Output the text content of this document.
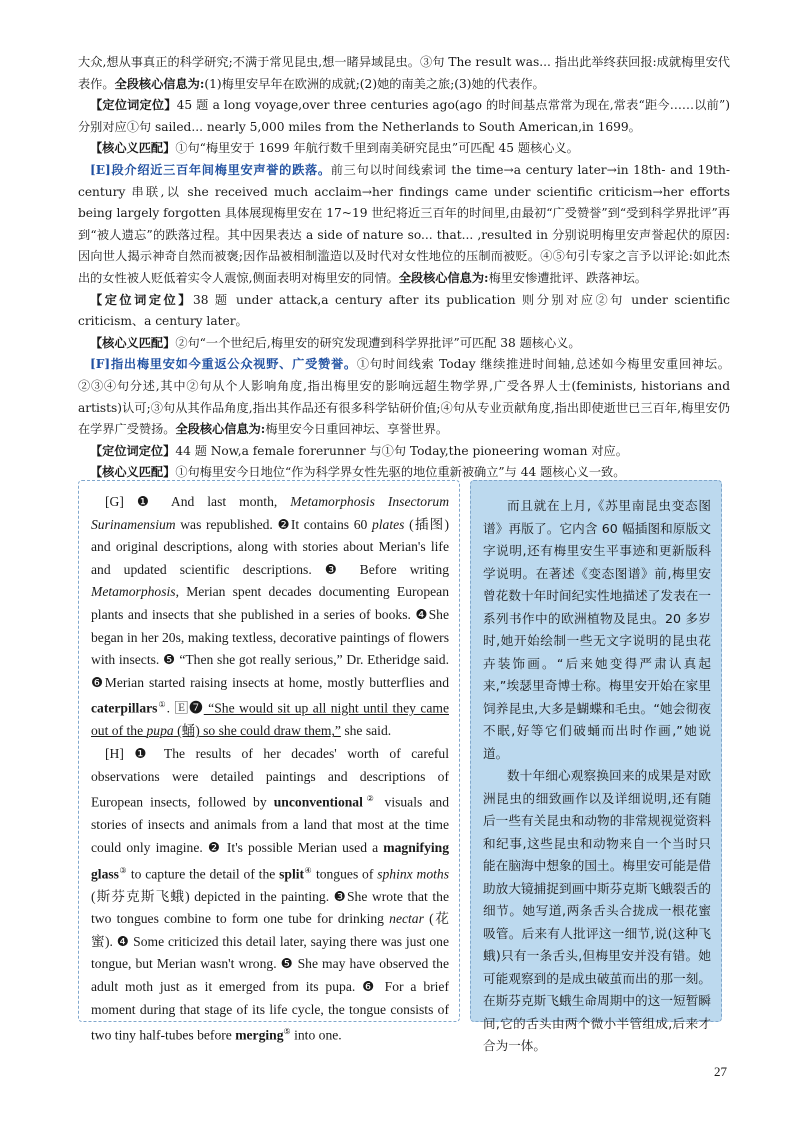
大众,想从事真正的科学研究;不满于常见昆虫,想一睹异域昆虫。③句 The result was... 指出此举终获回报:成就梅里安代表作。全段核心信息为:(1)梅里安早年在欧洲的成就;(2)她的南美之旅;(3)她的代表作。

【定位词定位】45 题 a long voyage,over three centuries ago(ago 的时间基点常常为现在,常表“距今……以前”)分别对应①句 sailed... nearly 5,000 miles from the Netherlands to South American,in 1699。

【核心义匹配】①句“梅里安于 1699 年航行数千里到南美研究昆虫”可匹配 45 题核心义。

[E]段介绍近三百年间梅里安声誉的跌落。前三句以时间线索词 the time→a century later→in 18th- and 19th-century 串联,以 she received much acclaim→her findings came under scientific criticism→her efforts being largely forgotten 具体展现梅里安在 17~19 世纪将近三百年的时间里,由最初“广受赞誉”到“受到科学界批评”再到“被人遗忘”的跌落过程。其中因果表达 a side of nature so... that... ,resulted in 分别说明梅里安声誉起伏的原因:因向世人揭示神奇自然而被褒;因作品被相制滥造以及时代对女性地位的压制而被贬。④⑤句引专家之言予以评论:如此杰出的女性被人贬低着实令人震惊,侧面表明对梅里安的同情。全段核心信息为:梅里安惨遭批评、跌落神坛。

【定位词定位】38 题 under attack,a century after its publication 则分别对应②句 under scientific criticism、a century later。

【核心义匹配】②句“一个世纪后,梅里安的研究发现遭到科学界批评”可匹配 38 题核心义。

[F]指出梅里安如今重返公众视野、广受赞誉。①句时间线索 Today 继续推进时间轴,总述如今梅里安重回神坛。②③④句分述,其中②句从个人影响角度,指出梅里安的影响远超生物学界,广受各界人士(feminists, historians and artists)认可;③句从其作品角度,指出其作品还有很多科学钻研价值;④句从专业贡献角度,指出即使逝世已三百年,梅里安仍在学界广受赞扬。全段核心信息为:梅里安今日重回神坛、享誉世界。

【定位词定位】44 题 Now,a female forerunner 与①句 Today,the pioneering woman 对应。

【核心义匹配】①句梅里安今日地位“作为科学界女性先驱的地位重新被确立”与 44 题核心义一致。

[G] ❶ And last month, Metamorphosis Insectorum Surinamensium was republished. ❷It contains 60 plates (插图) and original descriptions, along with stories about Merian's life and updated scientific descriptions. ❸ Before writing Metamorphosis, Merian spent decades documenting European plants and insects that she published in a series of books. ❹She began in her 20s, making textless, decorative paintings of flowers with insects. ❺ “Then she got really serious,” Dr. Etheridge said. ❻Merian started raising insects at home, mostly butterflies and caterpillars①. 🄴❼ “She would sit up all night until they came out of the pupa (蛹) so she could draw them,” she said.

[H] ❶ The results of her decades' worth of careful observations were detailed paintings and descriptions of European insects, followed by unconventional② visuals and stories of insects and animals from a land that most at the time could only imagine. ❷ It's possible Merian used a magnifying glass③ to capture the detail of the split④ tongues of sphinx moths (斯芬克斯飞蛾) depicted in the painting. ❸She wrote that the two tongues combine to form one tube for drinking nectar (花蜜). ❹ Some criticized this detail later, saying there was just one tongue, but Merian wasn't wrong. ❺ She may have observed the adult moth just as it emerged from its pupa. ❻ For a brief moment during that stage of its life cycle, the tongue consists of two tiny half-tubes before merging⑤ into one.

而且就在上月,《苏里南昆虫变态图谱》再版了。它内含 60 幅插图和原版文字说明,还有梅里安生平事迹和更新版科学说明。在著述《变态图谱》前,梅里安曾花数十年时间纪实性地描述了发表在一系列书作中的欧洲植物及昆虫。20 多岁时,她开始绘制一些无文字说明的昆虫花卉装饰画。“后来她变得严肃认真起来,”埃瑟里奇博士称。梅里安开始在家里饲养昆虫,大多是蝴蝶和毛虫。“她会彻夜不眠,好等它们破蛹而出时作画,”她说道。

数十年细心观察换回来的成果是对欧洲昆虫的细致画作以及详细说明,还有随后一些有关昆虫和动物的非常规视觉资料和纪事,这些昆虫和动物来自一个当时只能在脑海中想象的国土。梅里安可能是借助放大镜捕捉到画中斯芬克斯飞蛾裂舌的细节。她写道,两条舌头合拢成一根花蜜吸管。后来有人批评这一细节,说(这种飞蛾)只有一条舌头,但梅里安并没有错。她可能观察到的是成虫破茧而出的那一刻。在斯芬克斯飞蛾生命周期中的这一短暂瞬间,它的舌头由两个微小半管组成,后来才合为一体。

27
